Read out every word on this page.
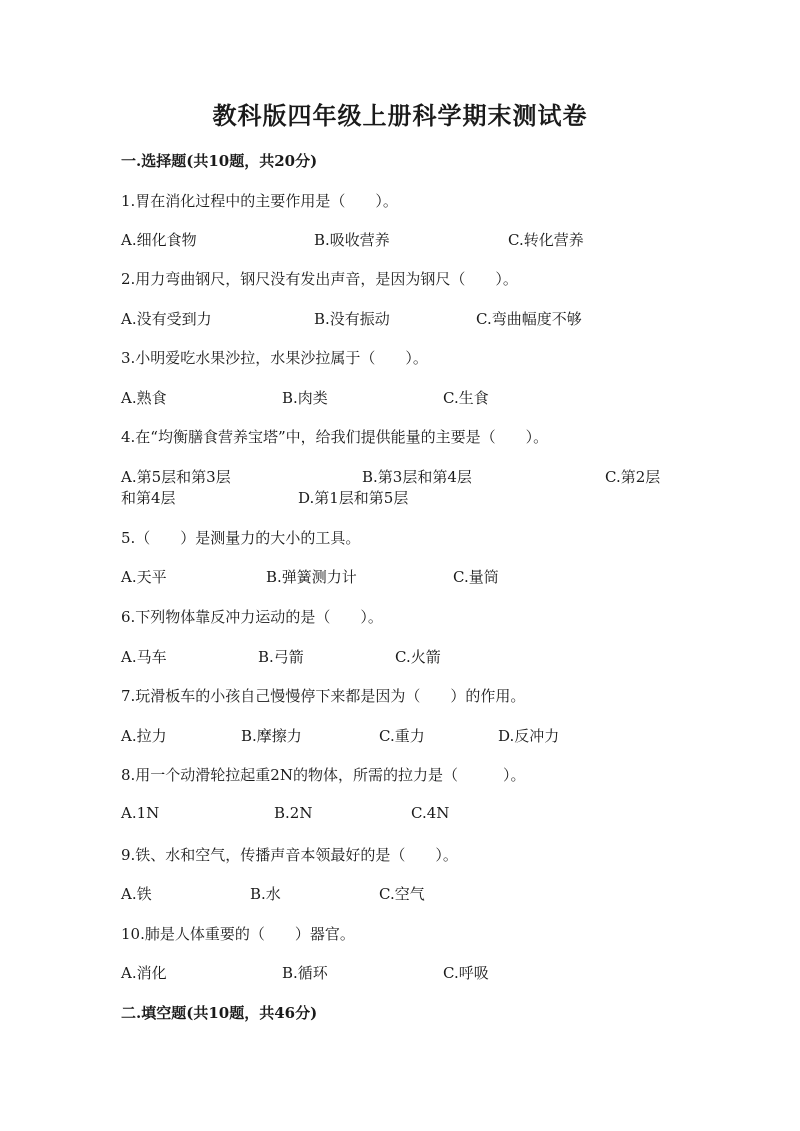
教科版四年级上册科学期末测试卷
一.选择题(共10题，共20分)
1.胃在消化过程中的主要作用是（　　）。
A.细化食物	B.吸收营养	C.转化营养
2.用力弯曲钢尺，钢尺没有发出声音，是因为钢尺（　　）。
A.没有受到力	B.没有振动	C.弯曲幅度不够
3.小明爱吃水果沙拉，水果沙拉属于（　　）。
A.熟食	B.肉类	C.生食
4.在“均衡膳食营养宝塔”中，给我们提供能量的主要是（　　）。
A.第5层和第3层	B.第3层和第4层	C.第2层
和第4层	D.第1层和第5层
5.（　　）是测量力的大小的工具。
A.天平	B.弹簧测力计	C.量筒
6.下列物体靠反冲力运动的是（　　）。
A.马车	B.弓箭	C.火箭
7.玩滑板车的小孩自己慢慢停下来都是因为（　　）的作用。
A.拉力	B.摩擦力	C.重力	D.反冲力
8.用一个动滑轮拉起重2N的物体，所需的拉力是（　　　）。
A.1N	B.2N	C.4N
9.铁、水和空气，传播声音本领最好的是（　　）。
A.铁	B.水	C.空气
10.肺是人体重要的（　　）器官。
A.消化	B.循环	C.呼吸
二.填空题(共10题，共46分)
